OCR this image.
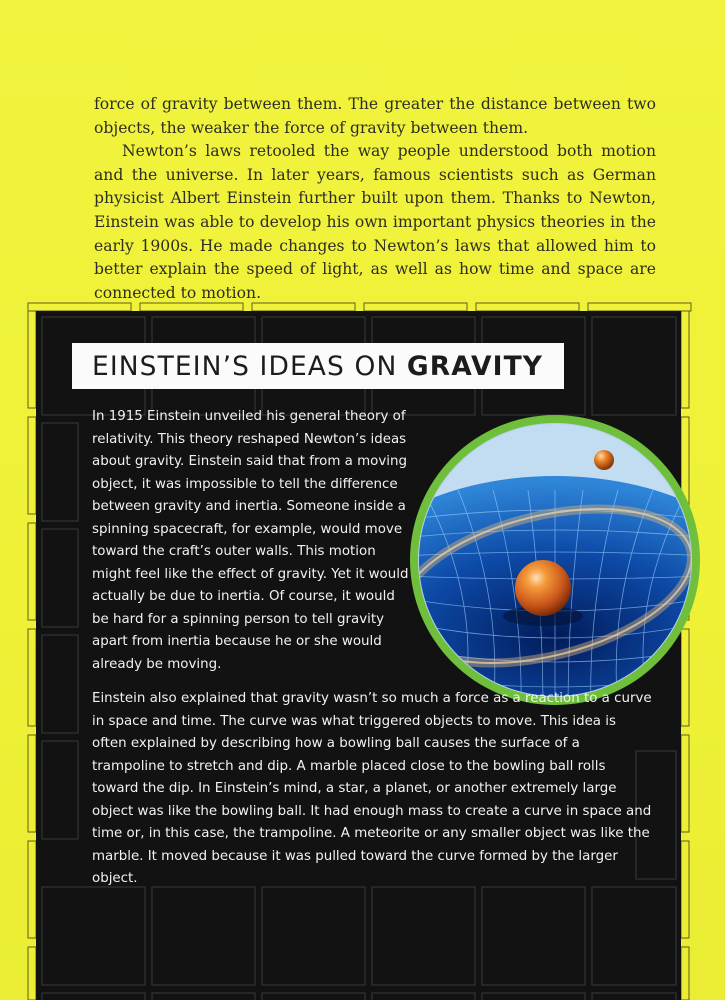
force of gravity between them. The greater the distance between two objects, the weaker the force of gravity between them.

Newton’s laws retooled the way people understood both motion and the universe. In later years, famous scientists such as German physicist Albert Einstein further built upon them. Thanks to Newton, Einstein was able to develop his own important physics theories in the early 1900s. He made changes to Newton’s laws that allowed him to better explain the speed of light, as well as how time and space are connected to motion.

EINSTEIN’S IDEAS ON GRAVITY

In 1915 Einstein unveiled his general theory of relativity. This theory reshaped Newton’s ideas about gravity. Einstein said that from a moving object, it was impossible to tell the difference between gravity and inertia. Someone inside a spinning spacecraft, for example, would move toward the craft’s outer walls. This motion might feel like the effect of gravity. Yet it would actually be due to inertia. Of course, it would be hard for a spinning person to tell gravity apart from inertia because he or she would already be moving.

Einstein also explained that gravity wasn’t so much a force as a reaction to a curve in space and time. The curve was what triggered objects to move. This idea is often explained by describing how a bowling ball causes the surface of a trampoline to stretch and dip. A marble placed close to the bowling ball rolls toward the dip. In Einstein’s mind, a star, a planet, or another extremely large object was like the bowling ball. It had enough mass to create a curve in space and time or, in this case, the trampoline. A meteorite or any smaller object was like the marble. It moved because it was pulled toward the curve formed by the larger object.
